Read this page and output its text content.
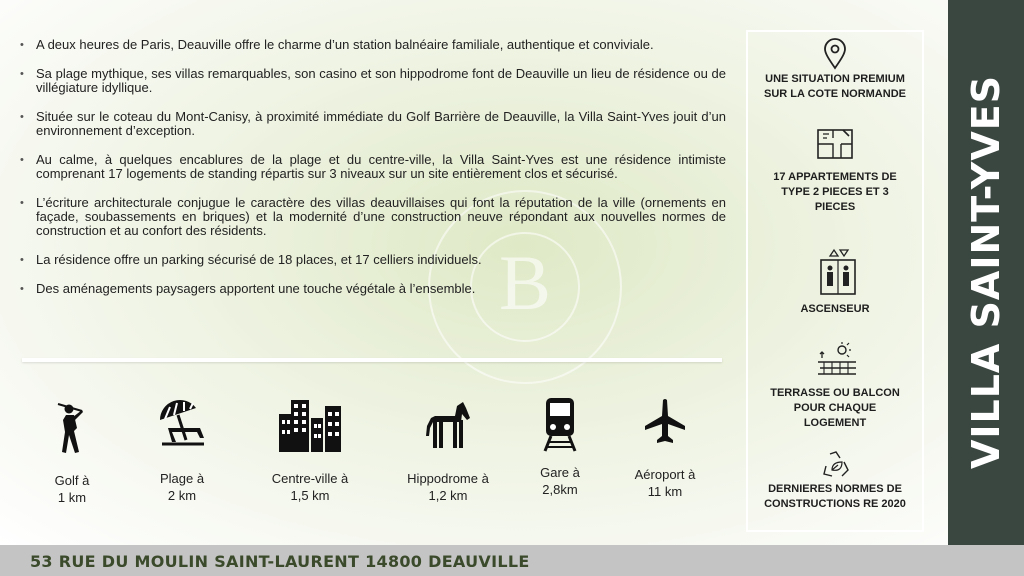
B
• A deux heures de Paris, Deauville offre le charme d’un station balnéaire familiale, authentique et conviviale.
• Sa plage mythique, ses villas remarquables, son casino et son hippodrome font de Deauville un lieu de résidence ou de villégiature idyllique.
• Située sur le coteau du Mont-Canisy, à proximité immédiate du Golf Barrière de Deauville, la Villa Saint-Yves jouit d’un environnement d’exception.
• Au calme, à quelques encablures de la plage et du centre-ville, la Villa Saint-Yves est une résidence intimiste comprenant 17 logements de standing répartis sur 3 niveaux sur un site entièrement clos et sécurisé.
• L’écriture architecturale conjugue le caractère des villas deauvillaises qui font la réputation de la ville (ornements en façade, soubassements en briques) et la modernité d’une construction neuve répondant aux nouvelles normes de construction et au confort des résidents.
• La résidence offre un parking sécurisé de 18 places, et 17 celliers individuels.
• Des aménagements paysagers apportent une touche végétale à l’ensemble.
Golf à
1 km
Plage à
2 km
Centre-ville à
1,5 km
Hippodrome à
1,2 km
Gare à
2,8km
Aéroport à
11 km
UNE SITUATION PREMIUM
SUR LA COTE NORMANDE
17 APPARTEMENTS DE
TYPE 2 PIECES ET 3
PIECES
ASCENSEUR
TERRASSE OU BALCON
POUR CHAQUE
LOGEMENT
DERNIERES NORMES DE
CONSTRUCTIONS RE 2020
VILLA SAINT-YVES
53 RUE DU MOULIN SAINT-LAURENT 14800 DEAUVILLE
